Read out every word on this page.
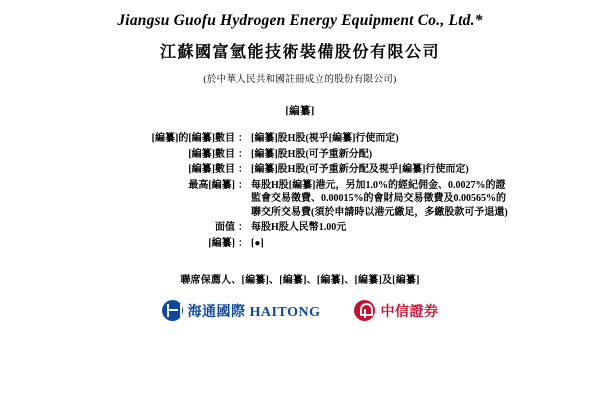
Jiangsu Guofu Hydrogen Energy Equipment Co., Ltd.*
江蘇國富氫能技術裝備股份有限公司
(於中華人民共和國註冊成立的股份有限公司)
[編纂]
[編纂]的[編纂]數目	：	[編纂]股H股(視乎[編纂]行使而定)
[編纂]數目	：	[編纂]股H股(可予重新分配)
[編纂]數目	：	[編纂]股H股(可予重新分配及視乎[編纂]行使而定)
最高[編纂]	：	每股H股[編纂]港元，另加1.0%的經紀佣金、0.0027%的證監會交易徵費、0.00015%的會財局交易徵費及0.00565%的聯交所交易費(須於申請時以港元繳足，多繳股款可予退還)
面值	：	每股H股人民幣1.00元
[編纂]	：	[●]
聯席保薦人、[編纂]、[編纂]、[編纂]、[編纂]及[編纂]
海通國際 HAITONG	中信證券
